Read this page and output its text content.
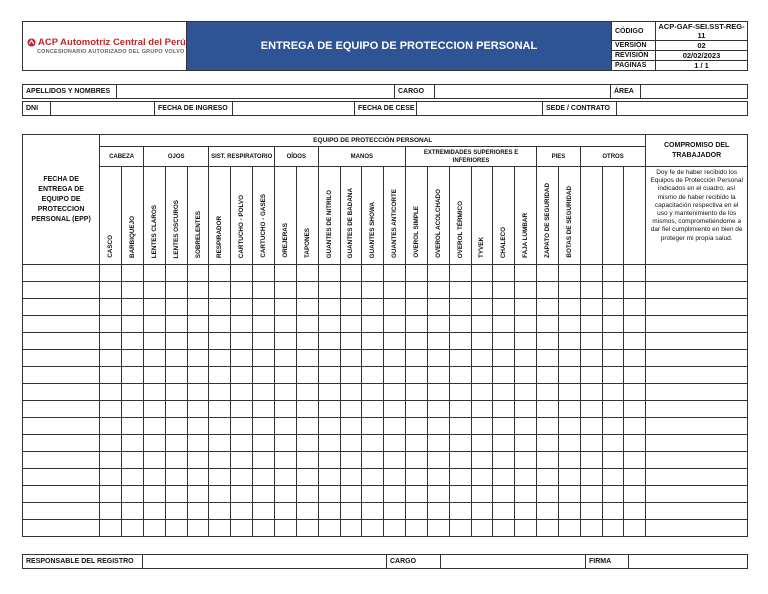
ACP Automotriz Central del Perú
CONCESIONARIO AUTORIZADO DEL GRUPO VOLVO	ENTREGA DE EQUIPO DE PROTECCION PERSONAL	CÓDIGO	ACP-GAF-SEI.SST-REG-11
		VERSIÓN	02
		REVISIÓN	02/02/2023
		PAGINAS	1 / 1
APELLIDOS Y NOMBRES		CARGO		ÁREA	
DNI		FECHA DE INGRESO		FECHA DE CESE		SEDE / CONTRATO	
FECHA DE ENTREGA DE EQUIPO DE PROTECCION PERSONAL (EPP)	EQUIPO DE PROTECCIÓN PERSONAL																									COMPROMISO DEL TRABAJADOR
	CABEZA		OJOS			SIST. RESPIRATORIO			OÍDOS		MANOS				EXTREMIDADES SUPERIORES E INFERIORES						PIES		OTROS			
	CASCO	BARBIQUEJO	LENTES CLAROS	LENTES OSCUROS	SOBRELENTES	RESPIRADOR	CARTUCHO - POLVO	CARTUCHO - GASES	OREJERAS	TAPONES	GUANTES DE NITRILO	GUANTES DE BADANA	GUANTES SHOWA	GUANTES ANTICORTE	OVEROL SIMPLE	OVEROL ACOLCHADO	OVEROL TÉRMICO	TYVEK	CHALECO	FAJA LUMBAR	ZAPATO DE SEGURIDAD	BOTAS DE SEGURIDAD				Doy fe de haber recibido los Equipos de Protección Personal indicados en el cuadro, así mismo de haber recibido la capacitación respectiva en el uso y mantenimiento de los mismos, comprometiéndome a dar fiel cumplimiento en bien de proteger mi propia salud.

RESPONSABLE DEL REGISTRO		CARGO		FIRMA	
